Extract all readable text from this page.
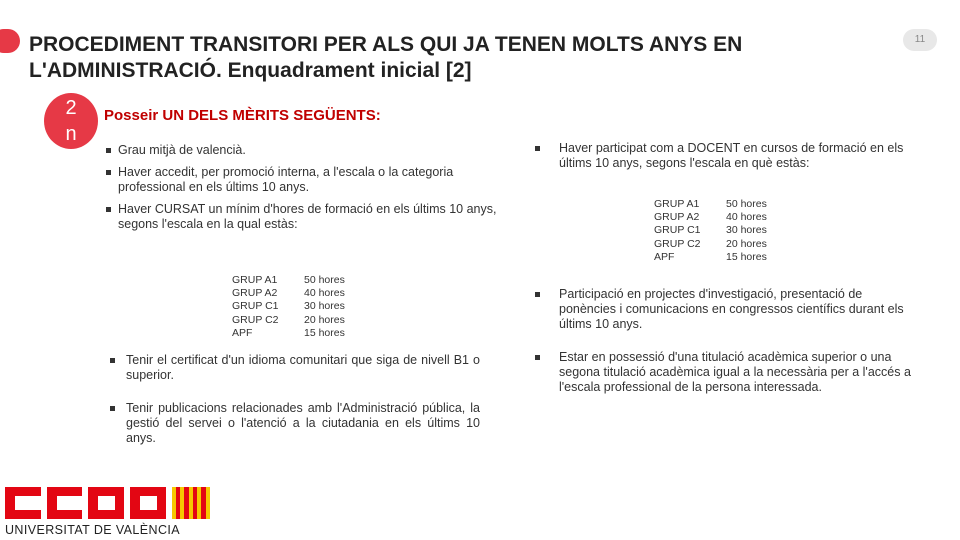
PROCEDIMENT TRANSITORI PER ALS QUI JA TENEN MOLTS ANYS EN L'ADMINISTRACIÓ. Enquadrament inicial [2]
11
2
n
Posseir UN DELS MÈRITS SEGÜENTS:
Grau mitjà de valencià.
Haver accedit, per promoció interna, a l'escala o la categoria professional en els últims 10 anys.
Haver CURSAT un mínim d'hores de formació en els últims 10 anys, segons l'escala en la qual estàs:
GRUP A1	50 hores
GRUP A2	40 hores
GRUP C1	30 hores
GRUP C2	20 hores
APF	15 hores
Tenir el certificat d'un idioma comunitari que siga de nivell B1 o superior.
Tenir publicacions relacionades amb l'Administració pública, la gestió del servei o l'atenció a la ciutadania en els últims 10 anys.
Haver participat com a DOCENT en cursos de formació en els últims 10 anys, segons l'escala en què estàs:
GRUP A1	50 hores
GRUP A2	40 hores
GRUP C1	30 hores
GRUP C2	20 hores
APF	15 hores
Participació en projectes d'investigació, presentació de ponències i comunicacions en congressos científics durant els últims 10 anys.
Estar en possessió d'una titulació acadèmica superior o una segona titulació acadèmica igual a la necessària per a l'accés a l'escala professional de la persona interessada.
UNIVERSITAT DE VALÈNCIA
